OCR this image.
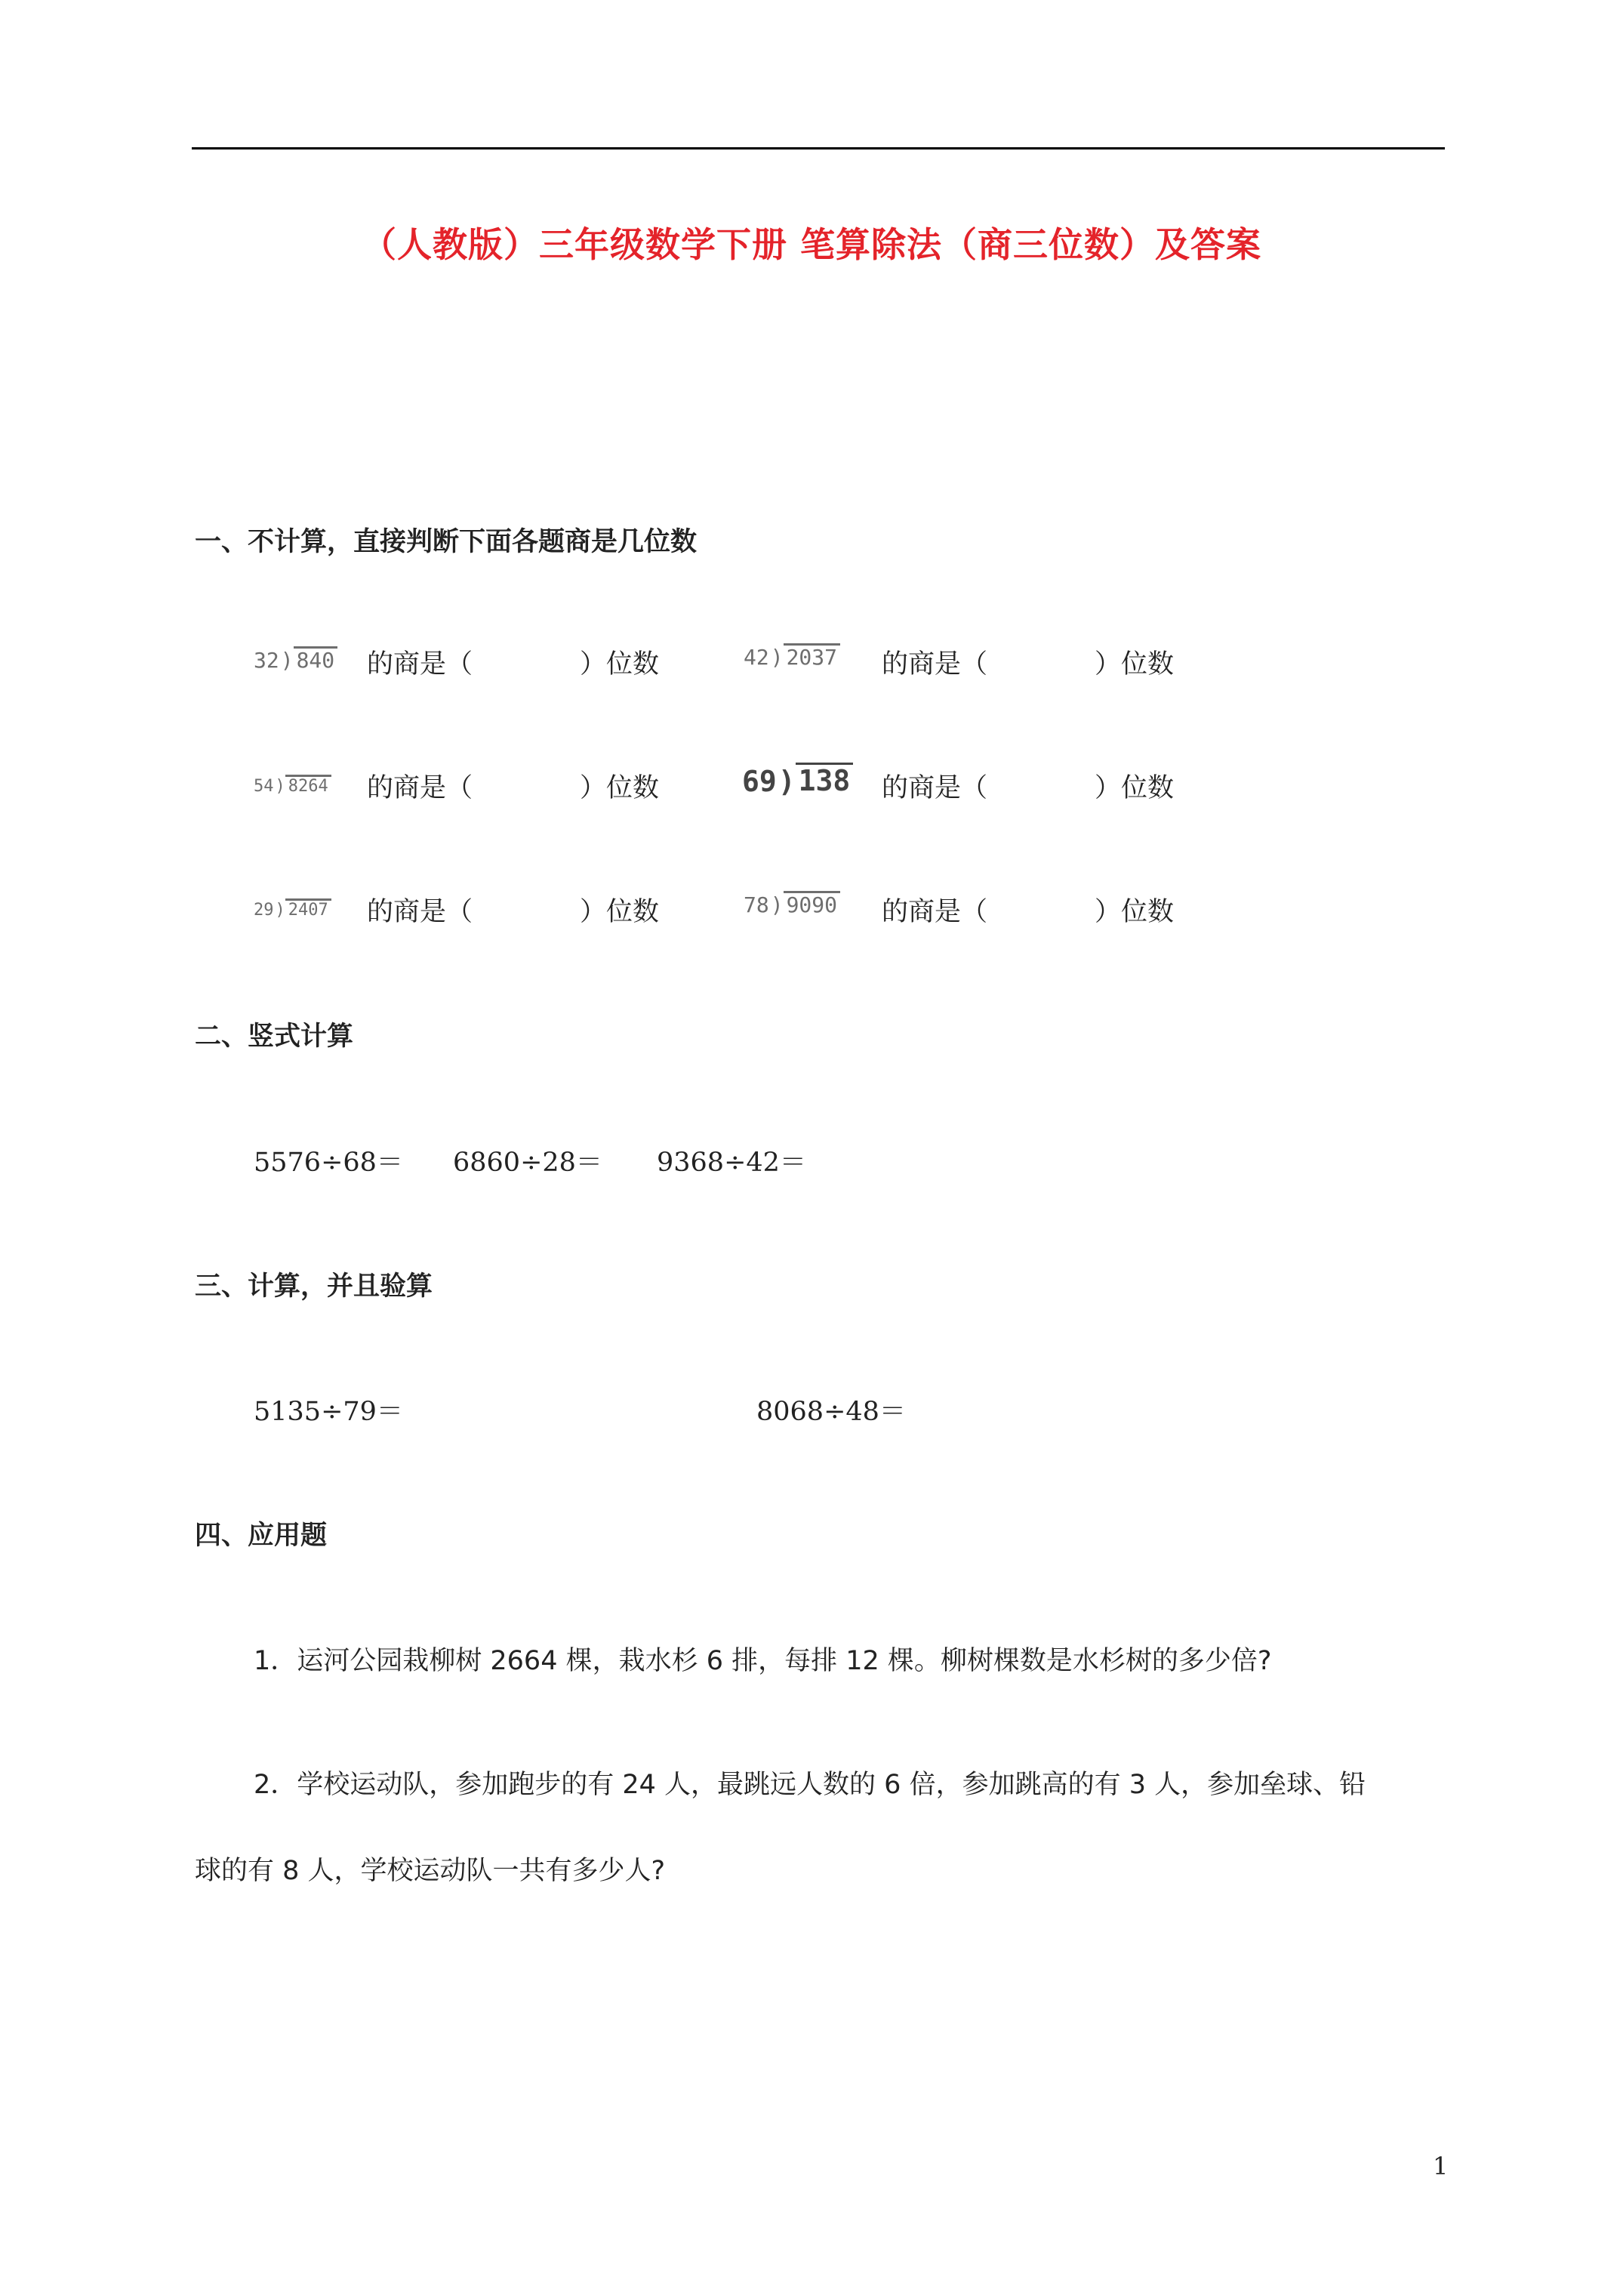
（人教版）三年级数学下册 笔算除法（商三位数）及答案
一、不计算，直接判断下面各题商是几位数
32 ) 840 的商是（	）位数	42 ) 2037 的商是（	）位数
54 ) 8264 的商是（	）位数	69 ) 138 的商是（	）位数
29 ) 2407 的商是（	）位数	78 ) 9090 的商是（	）位数
二、竖式计算
5576÷68＝ 6860÷28＝ 9368÷42＝
三、计算，并且验算
5135÷79＝	8068÷48＝
四、应用题
1．运河公园栽柳树 2664 棵，栽水杉 6 排，每排 12 棵。柳树棵数是水杉树的多少倍?
2．学校运动队，参加跑步的有 24 人，最跳远人数的 6 倍，参加跳高的有 3 人，参加垒球、铅
球的有 8 人，学校运动队一共有多少人?
1
